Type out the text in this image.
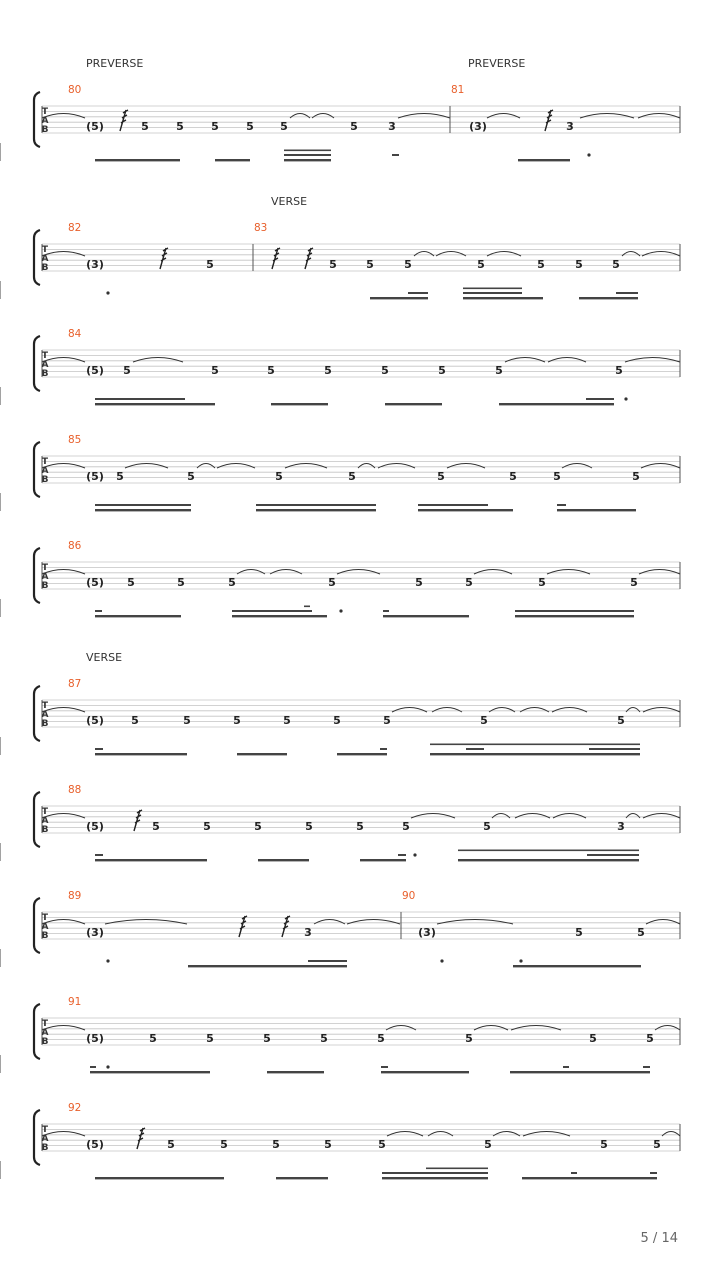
T
A
B
PREVERSE	PREVERSE
80
(5)	5 5 5 5 5	5	3
81
(3)	3
T
A
B
VERSE
82
(3)	5
83
5	5	5	5	5	5	5
T
A
B
84
(5) 5	5	5	5	5	5	5	5
T
A
B
85
(5) 5	5	5	5	5	5	5	5
T
A
B
86
(5) 5	5	5	5	5	5	5	5
T
A
B
VERSE
87
(5) 5	5	5	5	5	5	5	5
T
A
B
88
(5)	5	5	5	5	5	5	5	3
T
A
B
89
(3)	3
90
(3)	5	5
T
A
B
91
(5)	5	5	5	5	5	5	5	5
T
A
B
92
(5)	5	5	5	5	5	5	5	5
5 / 14
